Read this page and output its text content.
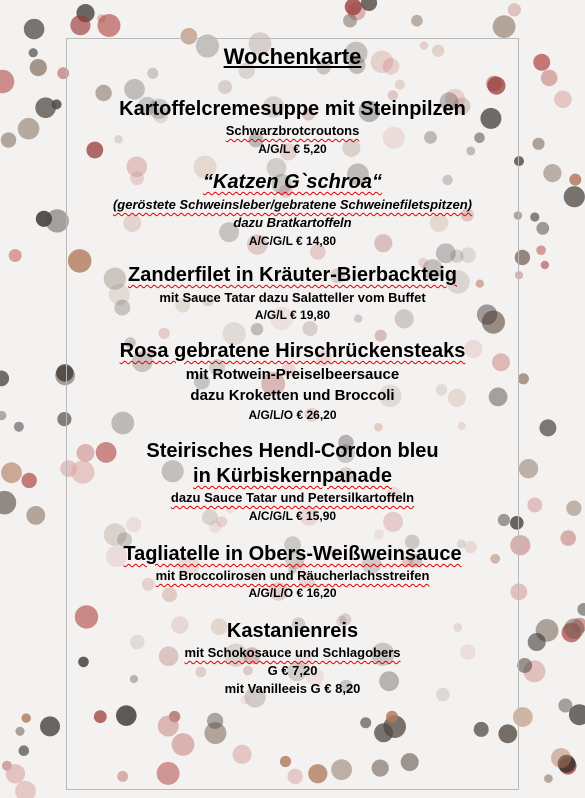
Wochenkarte
Kartoffelcremesuppe mit Steinpilzen
Schwarzbrotcroutons
A/G/L € 5,20
“Katzen G`schroa“
(geröstete Schweinsleber/gebratene Schweinefiletspitzen)
dazu Bratkartoffeln
A/C/G/L € 14,80
Zanderfilet in Kräuter-Bierbackteig
mit Sauce Tatar dazu Salatteller vom Buffet
A/G/L € 19,80
Rosa gebratene Hirschrückensteaks
mit Rotwein-Preiselbeersauce
dazu Kroketten und Broccoli
A/G/L/O € 26,20
Steirisches Hendl-Cordon bleu
in Kürbiskernpanade
dazu Sauce Tatar und Petersilkartoffeln
A/C/G/L € 15,90
Tagliatelle in Obers-Weißweinsauce
mit Broccolirosen und Räucherlachsstreifen
A/G/L/O € 16,20
Kastanienreis
mit Schokosauce und Schlagobers
G € 7,20
mit Vanilleeis G € 8,20
